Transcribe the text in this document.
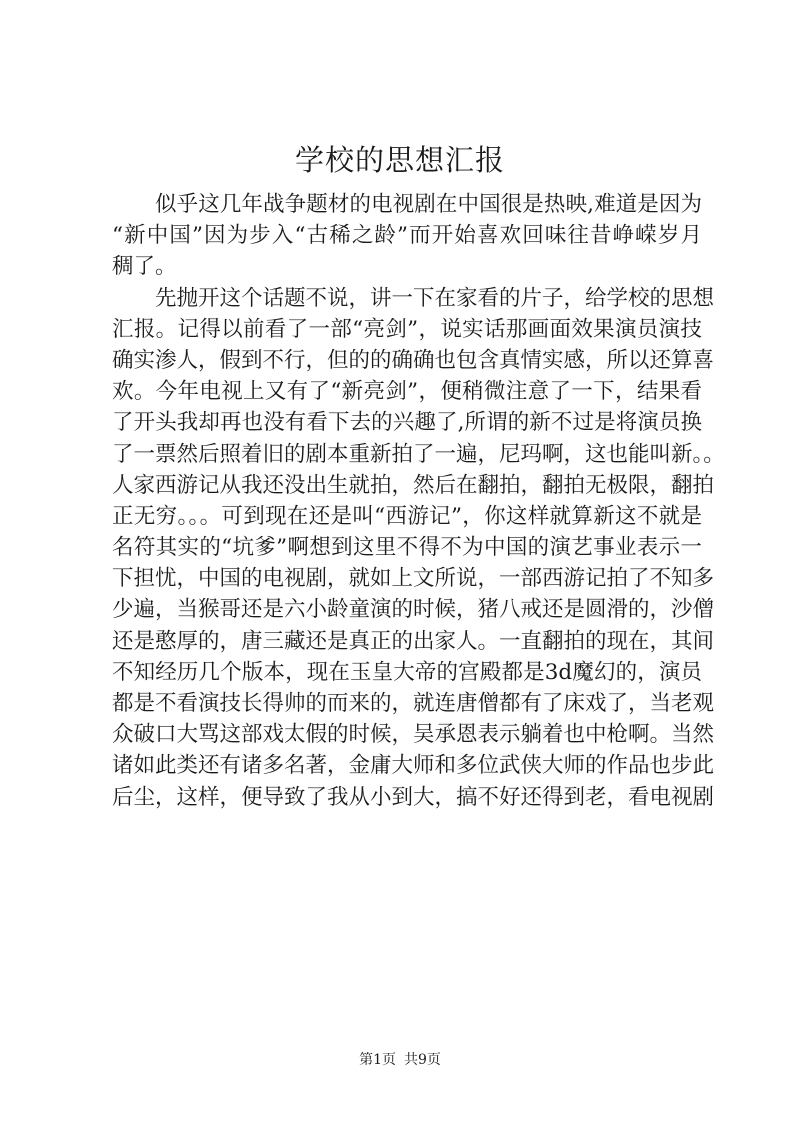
学校的思想汇报
似乎这几年战争题材的电视剧在中国很是热映,难道是因为
“新中国”因为步入“古稀之龄”而开始喜欢回味往昔峥嵘岁月
稠了。
先抛开这个话题不说，讲一下在家看的片子，给学校的思想
汇报。记得以前看了一部“亮剑”，说实话那画面效果演员演技
确实渗人，假到不行，但的的确确也包含真情实感，所以还算喜
欢。今年电视上又有了“新亮剑”，便稍微注意了一下，结果看
了开头我却再也没有看下去的兴趣了,所谓的新不过是将演员换
了一票然后照着旧的剧本重新拍了一遍，尼玛啊，这也能叫新。。
人家西游记从我还没出生就拍，然后在翻拍，翻拍无极限，翻拍
正无穷。。。可到现在还是叫“西游记”，你这样就算新这不就是
名符其实的“坑爹”啊想到这里不得不为中国的演艺事业表示一
下担忧，中国的电视剧，就如上文所说，一部西游记拍了不知多
少遍，当猴哥还是六小龄童演的时候，猪八戒还是圆滑的，沙僧
还是憨厚的，唐三藏还是真正的出家人。一直翻拍的现在，其间
不知经历几个版本，现在玉皇大帝的宫殿都是3d魔幻的，演员
都是不看演技长得帅的而来的，就连唐僧都有了床戏了，当老观
众破口大骂这部戏太假的时候，吴承恩表示躺着也中枪啊。当然
诸如此类还有诸多名著，金庸大师和多位武侠大师的作品也步此
后尘，这样，便导致了我从小到大，搞不好还得到老，看电视剧
第1页 共9页
